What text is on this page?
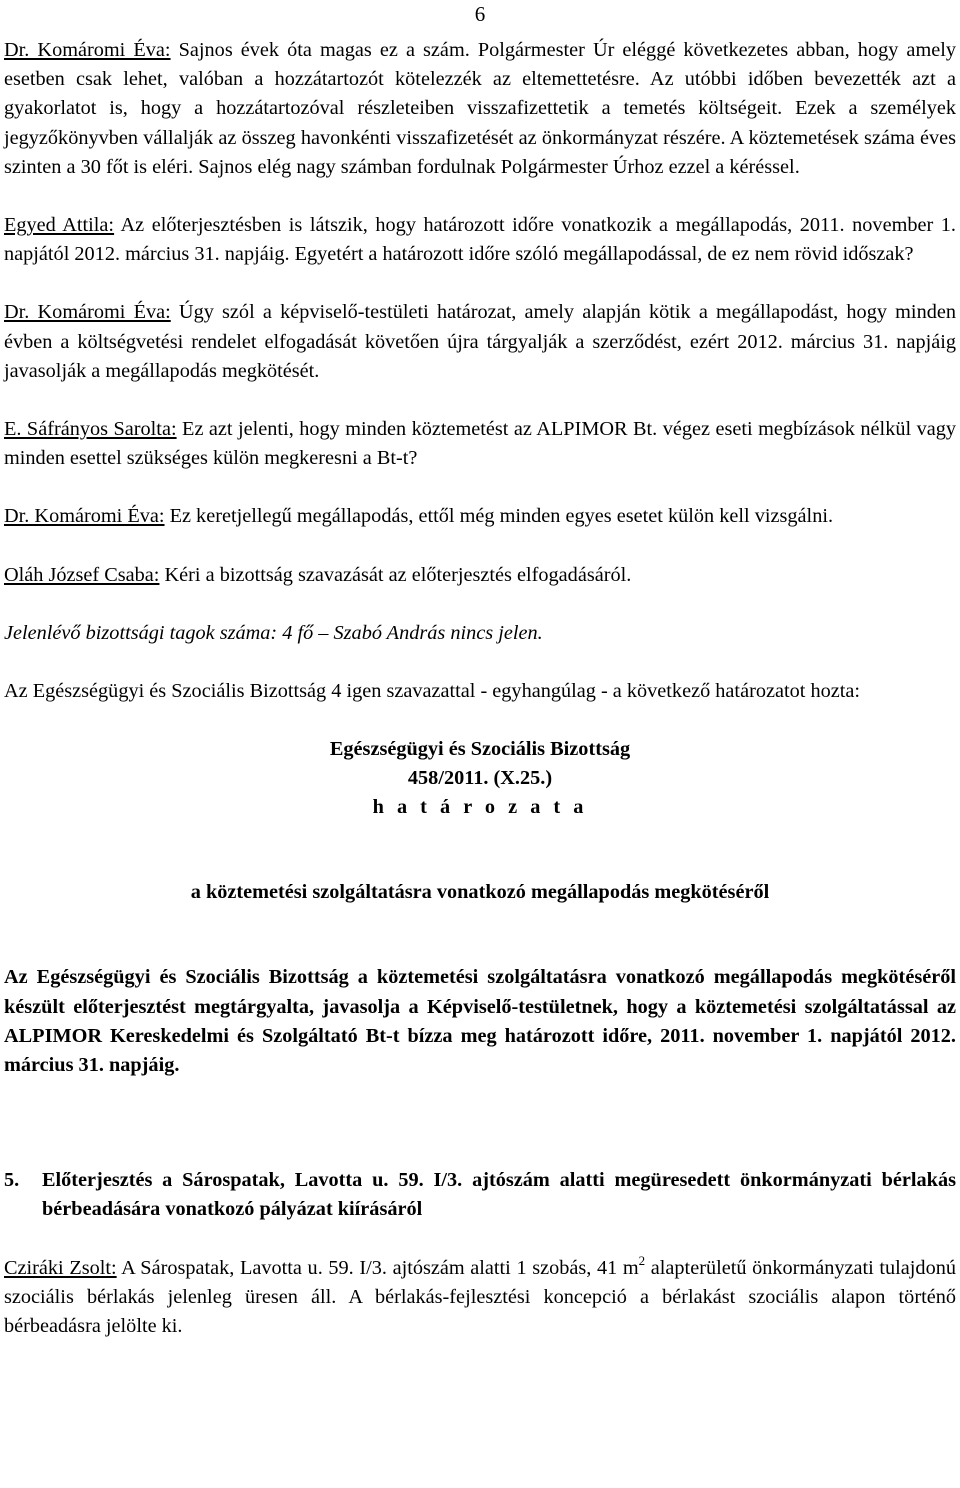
6

Dr. Komáromi Éva: Sajnos évek óta magas ez a szám. Polgármester Úr eléggé következetes abban, hogy amely esetben csak lehet, valóban a hozzátartozót kötelezzék az eltemettetésre. Az utóbbi időben bevezették azt a gyakorlatot is, hogy a hozzátartozóval részleteiben visszafizettetik a temetés költségeit. Ezek a személyek jegyzőkönyvben vállalják az összeg havonkénti visszafizetését az önkormányzat részére. A köztemetések száma éves szinten a 30 főt is eléri. Sajnos elég nagy számban fordulnak Polgármester Úrhoz ezzel a kéréssel.

Egyed Attila: Az előterjesztésben is látszik, hogy határozott időre vonatkozik a megállapodás, 2011. november 1. napjától 2012. március 31. napjáig. Egyetért a határozott időre szóló megállapodással, de ez nem rövid időszak?

Dr. Komáromi Éva: Úgy szól a képviselő-testületi határozat, amely alapján kötik a megállapodást, hogy minden évben a költségvetési rendelet elfogadását követően újra tárgyalják a szerződést, ezért 2012. március 31. napjáig javasolják a megállapodás megkötését.

E. Sáfrányos Sarolta: Ez azt jelenti, hogy minden köztemetést az ALPIMOR Bt. végez eseti megbízások nélkül vagy minden esettel szükséges külön megkeresni a Bt-t?

Dr. Komáromi Éva: Ez keretjellegű megállapodás, ettől még minden egyes esetet külön kell vizsgálni.

Oláh József Csaba: Kéri a bizottság szavazását az előterjesztés elfogadásáról.

Jelenlévő bizottsági tagok száma: 4 fő – Szabó András nincs jelen.

Az Egészségügyi és Szociális Bizottság 4 igen szavazattal - egyhangúlag - a következő határozatot hozta:

Egészségügyi és Szociális Bizottság
458/2011. (X.25.)
h a t á r o z a t a
a köztemetési szolgáltatásra vonatkozó megállapodás megkötéséről

Az Egészségügyi és Szociális Bizottság a köztemetési szolgáltatásra vonatkozó megállapodás megkötéséről készült előterjesztést megtárgyalta, javasolja a Képviselő-testületnek, hogy a köztemetési szolgáltatással az ALPIMOR Kereskedelmi és Szolgáltató Bt-t bízza meg határozott időre, 2011. november 1. napjától 2012. március 31. napjáig.

5.	Előterjesztés a Sárospatak, Lavotta u. 59. I/3. ajtószám alatti megüresedett önkormányzati bérlakás bérbeadására vonatkozó pályázat kiírásáról

Cziráki Zsolt: A Sárospatak, Lavotta u. 59. I/3. ajtószám alatti 1 szobás, 41 $m^2$ alapterületű önkormányzati tulajdonú szociális bérlakás jelenleg üresen áll. A bérlakás-fejlesztési koncepció a bérlakást szociális alapon történő bérbeadásra jelölte ki.
